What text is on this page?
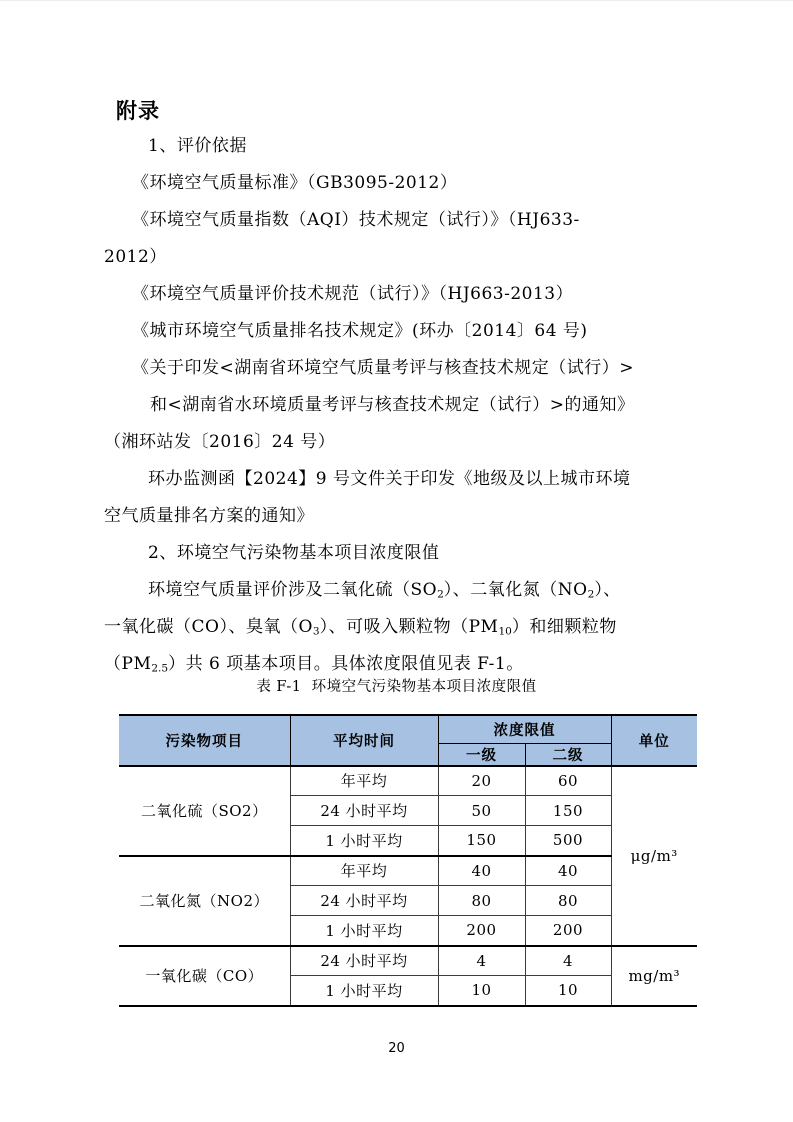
附录
1、评价依据
《环境空气质量标准》（GB3095-2012）
《环境空气质量指数（AQI）技术规定（试行）》（HJ633-
2012）
《环境空气质量评价技术规范（试行）》（HJ663-2013）
《城市环境空气质量排名技术规定》(环办〔2014〕64 号)
《关于印发<湖南省环境空气质量考评与核查技术规定（试行）>
和<湖南省水环境质量考评与核查技术规定（试行）>的通知》
（湘环站发〔2016〕24 号）
环办监测函【2024】9 号文件关于印发《地级及以上城市环境
空气质量排名方案的通知》
2、环境空气污染物基本项目浓度限值
环境空气质量评价涉及二氧化硫$(SO_2)$、二氧化氮$(NO_2)$、
一氧化碳（CO）、臭氧$(O_3)$、可吸入颗粒物$(PM_{10})$和细颗粒物
$(PM_{2.5})$共 6 项基本项目。具体浓度限值见表 F-1。
表 F-1  环境空气污染物基本项目浓度限值
污染物项目	平均时间	浓度限值		单位
		一级	二级	
二氧化硫（SO2）	年平均	20	60	μg/m³
	24 小时平均	50	150	
	1 小时平均	150	500	
二氧化氮（NO2）	年平均	40	40	
	24 小时平均	80	80	
	1 小时平均	200	200	
一氧化碳（CO）	24 小时平均	4	4	mg/m³
	1 小时平均	10	10	
20
